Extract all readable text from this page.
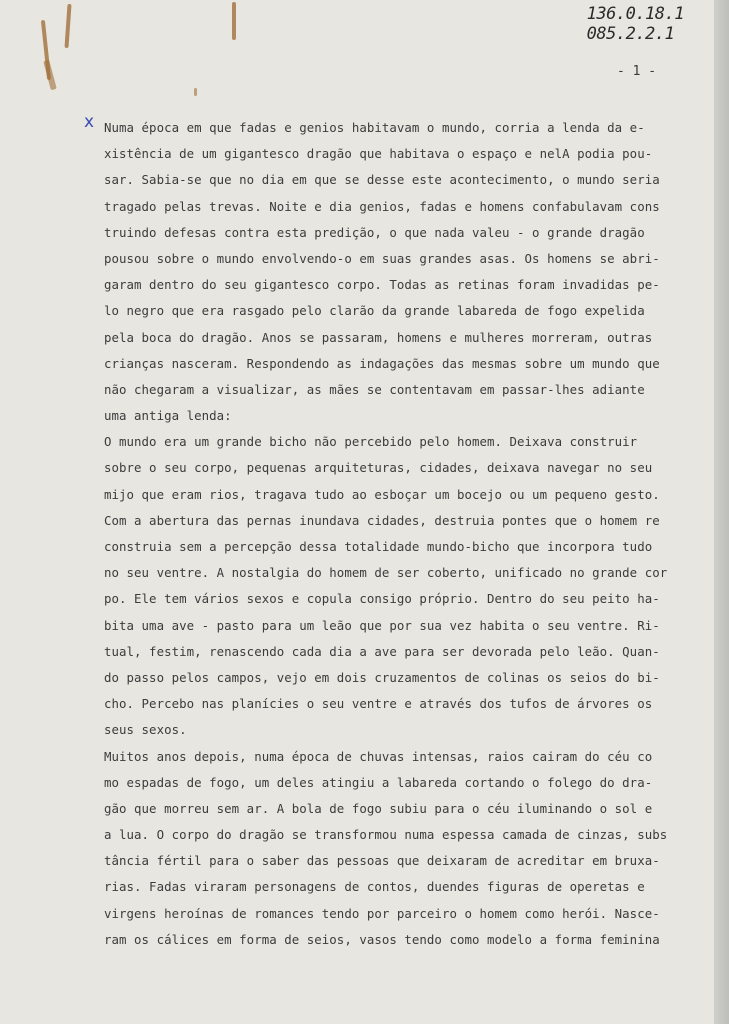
136.0.18.1
085.2.2.1
- 1 -
x Numa época em que fadas e genios habitavam o mundo, corria a lenda da e-
xistência de um gigantesco dragão que habitava o espaço e nelA podia pou-
sar. Sabia-se que no dia em que se desse este acontecimento, o mundo seria
tragado pelas trevas. Noite e dia genios, fadas e homens confabulavam cons
truindo defesas contra esta predição, o que nada valeu - o grande dragão
pousou sobre o mundo envolvendo-o em suas grandes asas. Os homens se abri-
garam dentro do seu gigantesco corpo. Todas as retinas foram invadidas pe-
lo negro que era rasgado pelo clarão da grande labareda de fogo expelida
pela boca do dragão. Anos se passaram, homens e mulheres morreram, outras
crianças nasceram. Respondendo as indagações das mesmas sobre um mundo que
não chegaram a visualizar, as mães se contentavam em passar-lhes adiante
uma antiga lenda:
O mundo era um grande bicho não percebido pelo homem. Deixava construir
sobre o seu corpo, pequenas arquiteturas, cidades, deixava navegar no seu
mijo que eram rios, tragava tudo ao esboçar um bocejo ou um pequeno gesto.
Com a abertura das pernas inundava cidades, destruia pontes que o homem re
construia sem a percepção dessa totalidade mundo-bicho que incorpora tudo
no seu ventre. A nostalgia do homem de ser coberto, unificado no grande cor
po. Ele tem vários sexos e copula consigo próprio. Dentro do seu peito ha-
bita uma ave - pasto para um leão que por sua vez habita o seu ventre. Ri-
tual, festim, renascendo cada dia a ave para ser devorada pelo leão. Quan-
do passo pelos campos, vejo em dois cruzamentos de colinas os seios do bi-
cho. Percebo nas planícies o seu ventre e através dos tufos de árvores os
seus sexos.
Muitos anos depois, numa época de chuvas intensas, raios cairam do céu co
mo espadas de fogo, um deles atingiu a labareda cortando o folego do dra-
gão que morreu sem ar. A bola de fogo subiu para o céu iluminando o sol e
a lua. O corpo do dragão se transformou numa espessa camada de cinzas, subs
tância fértil para o saber das pessoas que deixaram de acreditar em bruxa-
rias. Fadas viraram personagens de contos, duendes figuras de operetas e
virgens heroínas de romances tendo por parceiro o homem como herói. Nasce-
ram os cálices em forma de seios, vasos tendo como modelo a forma feminina
